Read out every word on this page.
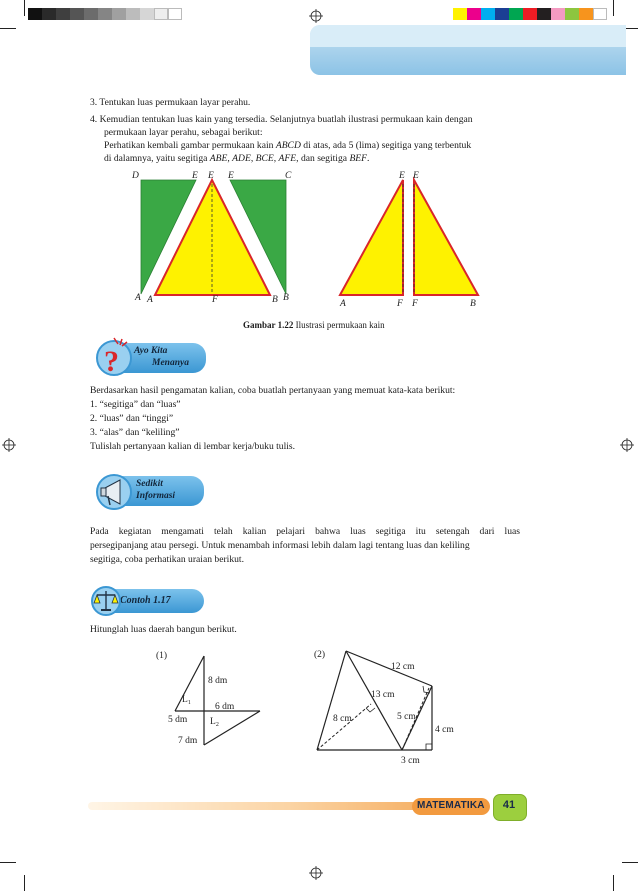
3. Tentukan luas permukaan layar perahu.
4. Kemudian tentukan luas kain yang tersedia. Selanjutnya buatlah ilustrasi permukaan kain dengan
permukaan layar perahu, sebagai berikut:
Perhatikan kembali gambar permukaan kain ABCD di atas, ada 5 (lima) segitiga yang terbentuk
di dalamnya, yaitu segitiga ABE, ADE, BCE, AFE, dan segitiga BEF.
D	E E E	C
A A	F	B B
E E
A	F F	B
Gambar 1.22 Ilustrasi permukaan kain
Ayo Kita
Menanya
?
Berdasarkan hasil pengamatan kalian, coba buatlah pertanyaan yang memuat kata-kata berikut:
1. “segitiga” dan “luas”
2. “luas” dan “tinggi”
3. “alas” dan “keliling”
Tulislah pertanyaan kalian di lembar kerja/buku tulis.
Sedikit
Informasi
Pada kegiatan mengamati telah kalian pelajari bahwa luas segitiga itu setengah dari luas
persegipanjang atau persegi. Untuk menambah informasi lebih dalam lagi tentang luas dan keliling
segitiga, coba perhatikan uraian berikut.
Contoh 1.17
Hitunglah luas daerah bangun berikut.
(1)
8 dm
$L_1$	6 dm
5 dm $L_2$
7 dm
(2)
12 cm
13 cm
8 cm	5 cm
4 cm
3 cm
MATEMATIKA	41
